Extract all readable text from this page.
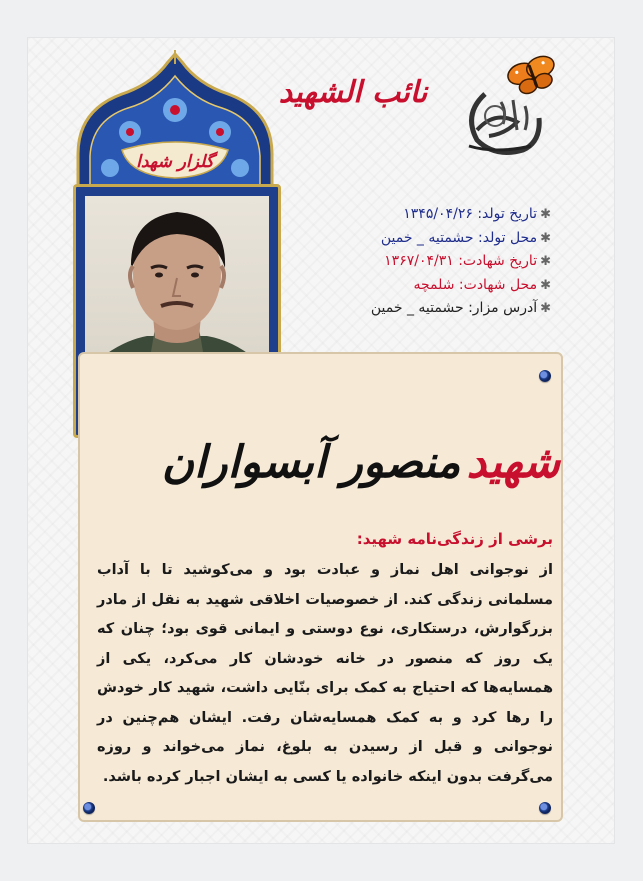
نائب الشهید
گلزار شهدا
✱تاریخ تولد: ۱۳۴۵/۰۴/۲۶
✱محل تولد: حشمتیه _ خمین
✱تاریخ شهادت: ۱۳۶۷/۰۴/۳۱
✱محل شهادت: شلمچه
✱آدرس مزار: حشمتیه _ خمین
شهیدمنصور آبسواران
برشی از زندگی‌نامه شهید:

از نوجوانی اهل نماز و عبادت بود و می‌کوشید تا با آداب مسلمانی زندگی کند. از خصوصیات اخلاقی شهید به نقل از مادر بزرگوارش، درستکاری، نوع دوستی و ایمانی قوی بود؛ چنان که یک روز که منصور در خانه خودشان کار می‌کرد، یکی از همسایه‌ها که احتیاج به کمک برای بنّایی داشت، شهید کار خودش را رها کرد و به کمک همسایه‌شان رفت. ایشان هم‌چنین در نوجوانی و قبل از رسیدن به بلوغ، نماز می‌خواند و روزه می‌گرفت بدون اینکه خانواده یا کسی به ایشان اجبار کرده باشد.
